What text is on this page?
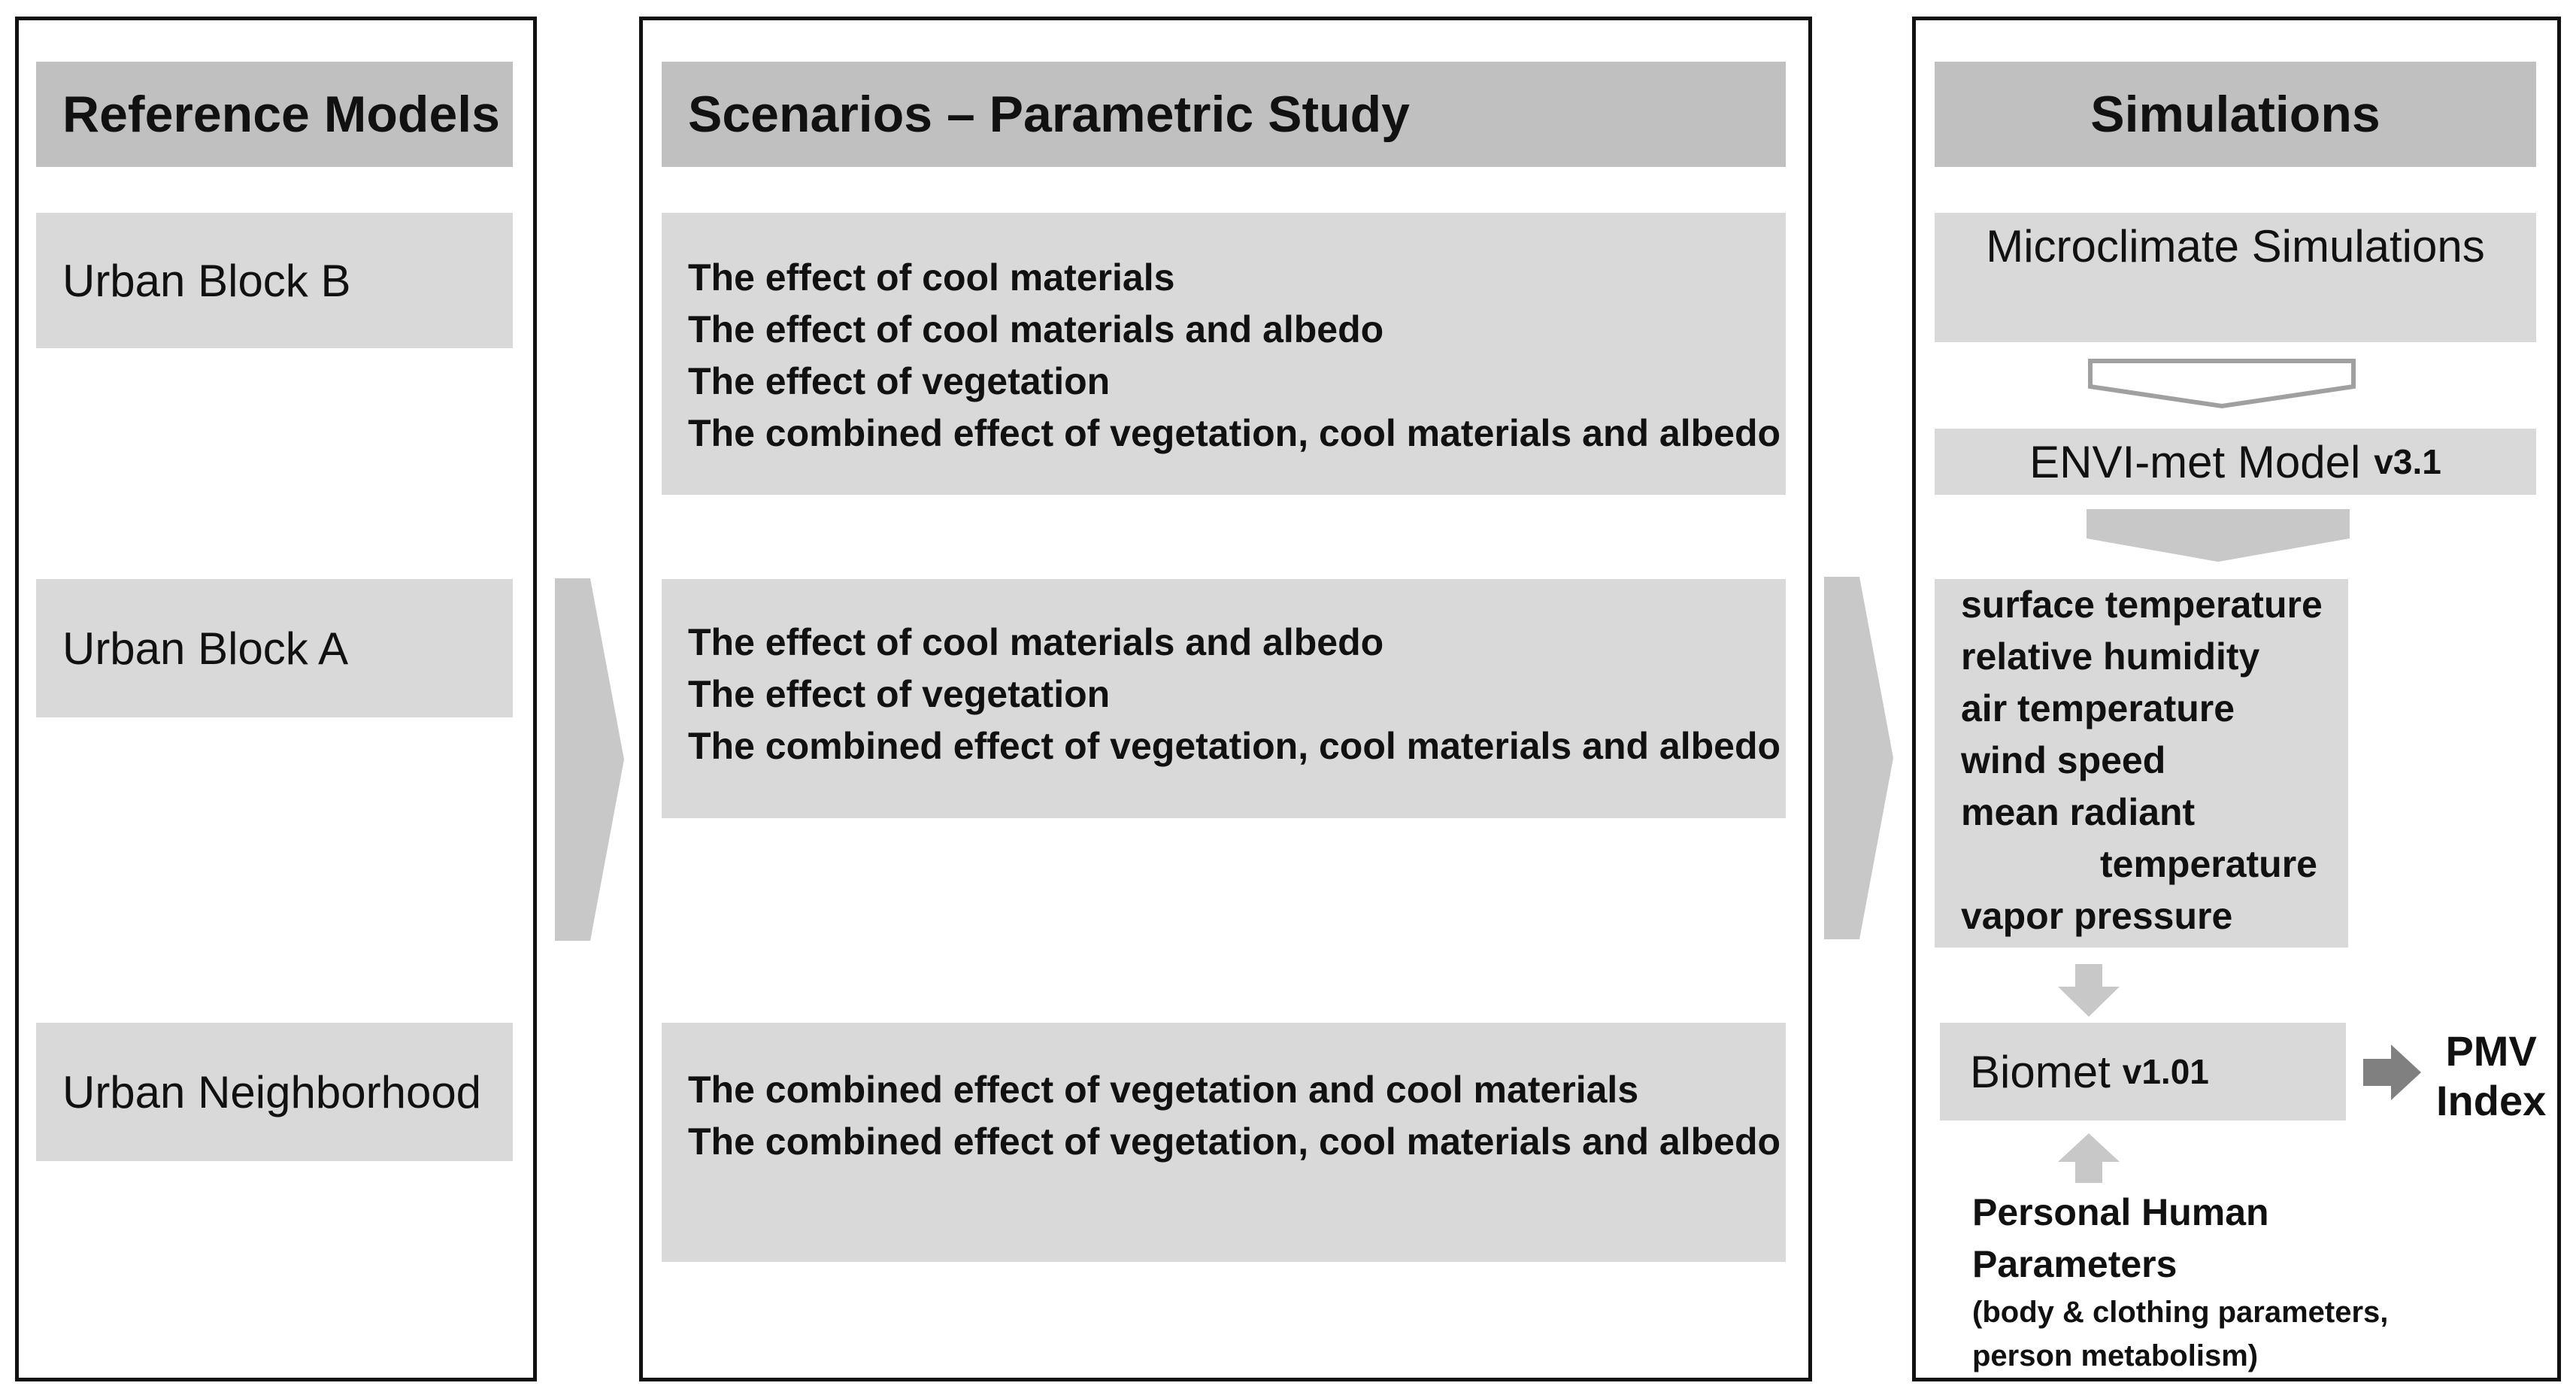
Reference Models
Urban Block B
Urban Block A
Urban Neighborhood
Scenarios – Parametric Study
The effect of cool materials
The effect of cool materials and albedo
The effect of vegetation
The combined effect of vegetation, cool materials and albedo
The effect of cool materials and albedo
The effect of vegetation
The combined effect of vegetation, cool materials and albedo
The combined effect of vegetation and cool materials
The combined effect of vegetation, cool materials and albedo
Simulations
Microclimate Simulations
ENVI-met Model v3.1
surface temperature
relative humidity
air temperature
wind speed
mean radiant
temperature
vapor pressure
Biomet v1.01	PMV
Index
Personal Human
Parameters
(body & clothing parameters,
person metabolism)
